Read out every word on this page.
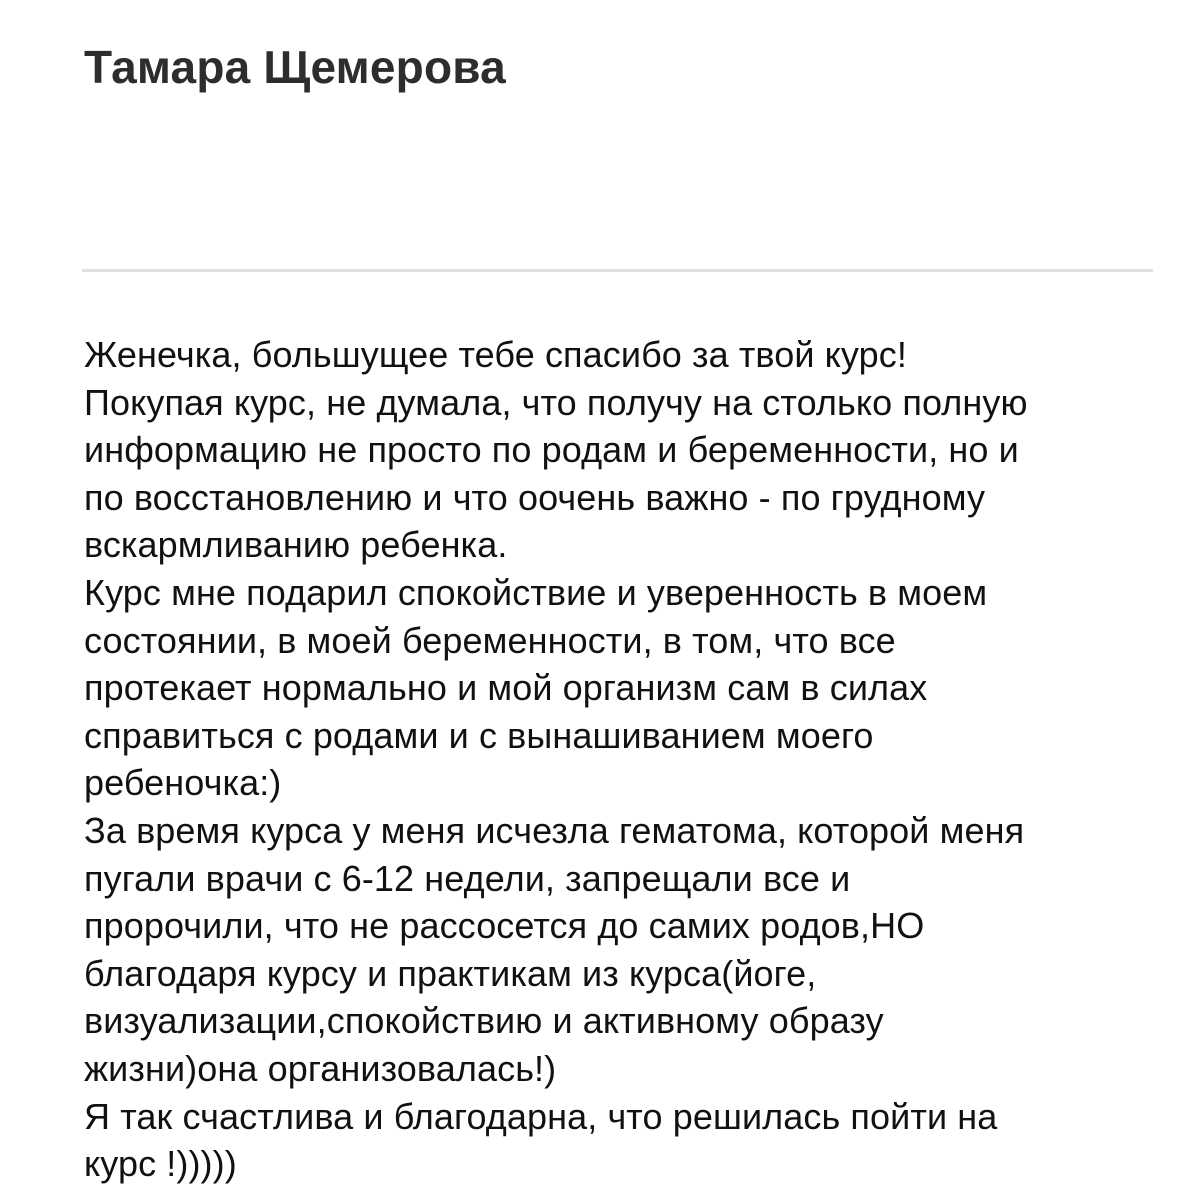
Тамара Щемерова
Женечка, большущее тебе спасибо за твой курс!
Покупая курс, не думала, что получу на столько полную
информацию не просто по родам и беременности, но и
по восстановлению и что оочень важно - по грудному
вскармливанию ребенка.
Курс мне подарил спокойствие и уверенность в моем
состоянии, в моей беременности, в том, что все
протекает нормально и мой организм сам в силах
справиться с родами и с вынашиванием моего
ребеночка:)
За время курса у меня исчезла гематома, которой меня
пугали врачи с 6-12 недели, запрещали все и
пророчили, что не рассосется до самих родов,НО
благодаря курсу и практикам из курса(йоге,
визуализации,спокойствию и активному образу
жизни)она организовалась!)
Я так счастлива и благодарна, что решилась пойти на
курс !)))))
